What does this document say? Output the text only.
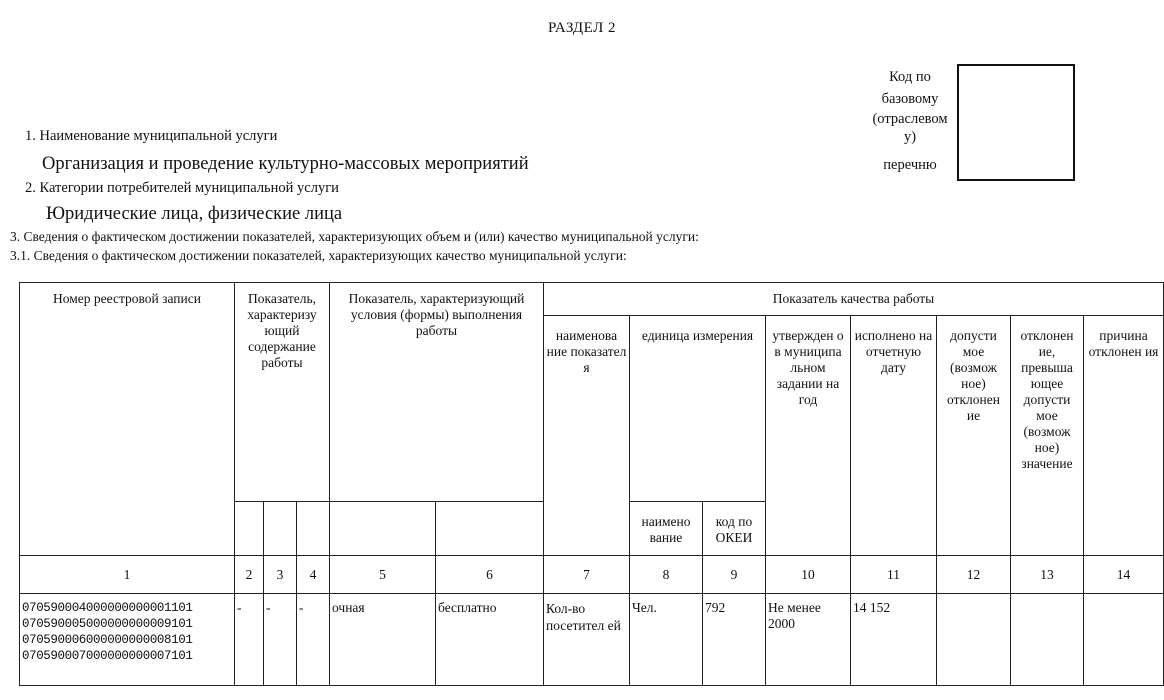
РАЗДЕЛ 2
Код по
базовому
(отраслевом
у)
перечню
1. Наименование муниципальной услуги
Организация и проведение культурно-массовых мероприятий
2. Категории потребителей муниципальной услуги
Юридические лица, физические лица
3. Сведения о фактическом достижении показателей, характеризующих объем и (или) качество муниципальной услуги:
3.1. Сведения о фактическом достижении показателей, характеризующих качество муниципальной услуги:
Номер реестровой записи	Показатель, характеризу ющий содержание работы			Показатель, характеризующий условия (формы) выполнения работы		Показатель качества работы							
						наименова ние показател я	единица измерения		утвержден о в муниципа льном задании на год	исполнено на отчетную дату	допусти мое (возмож ное) отклонен ие	отклонен ие, превыша ющее допусти мое (возмож ное) значение	причина отклонен ия
							наимено вание	код по ОКЕИ					
1	2	3	4	5	6	7	8	9	10	11	12	13	14

070590004000000000001101
070590005000000000009101
070590006000000000008101
070590007000000000007101	-	-	-	очная	бесплатно	Кол-во посетител ей	Чел.	792	Не менее 2000	14 152			
